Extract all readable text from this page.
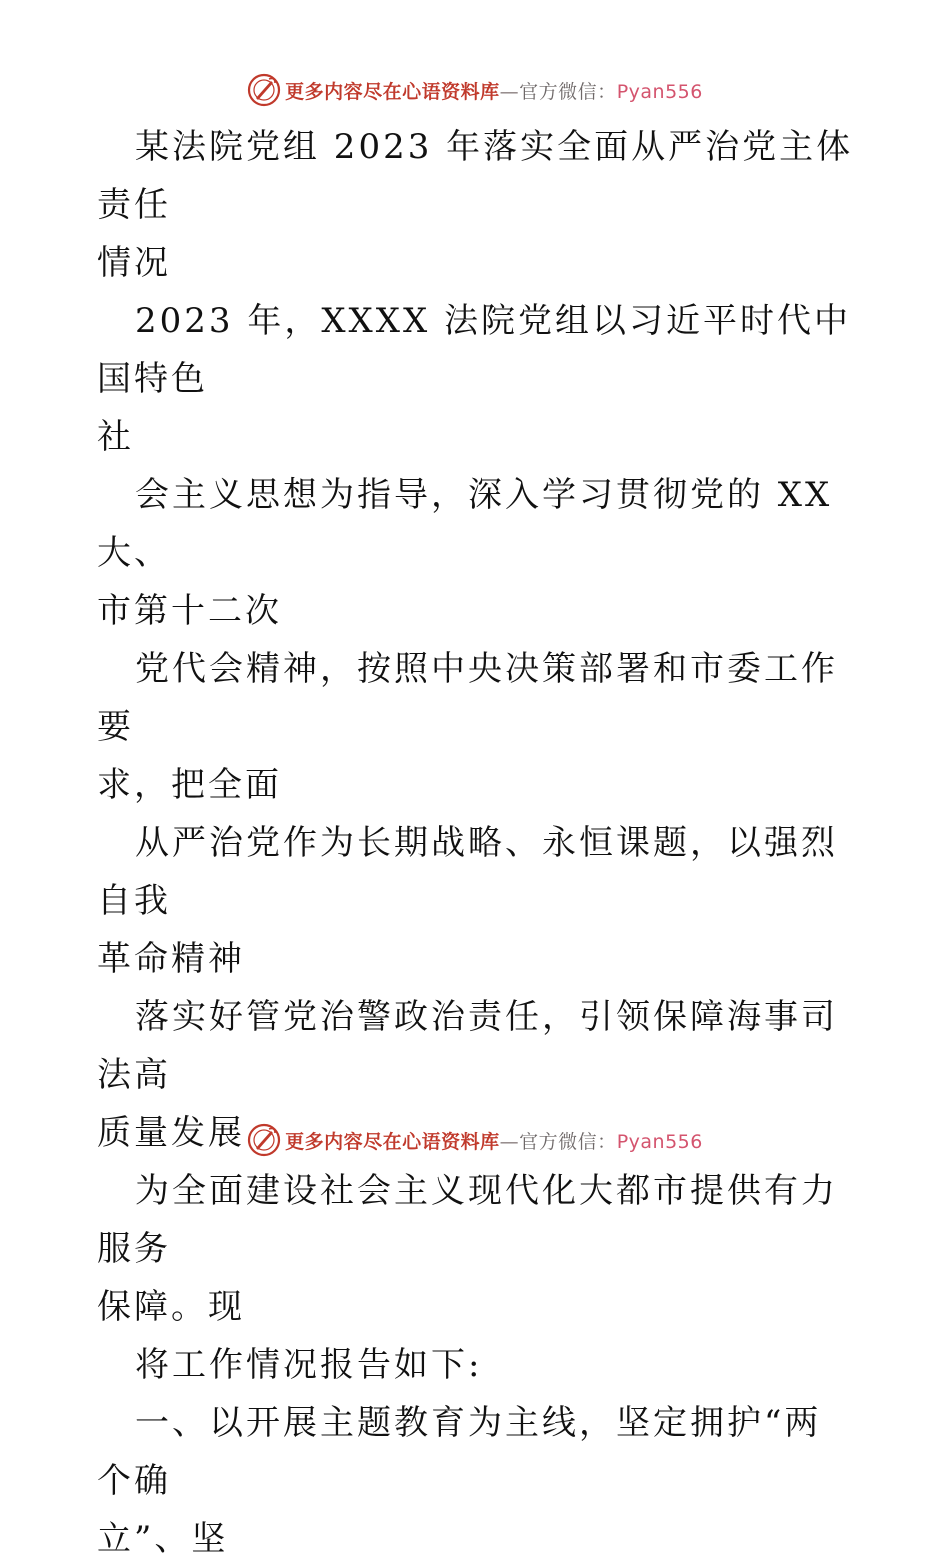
更多内容尽在心语资料库—官方微信：Pyan556

某法院党组 2023 年落实全面从严治党主体责任
情况

2023 年，XXXX 法院党组以习近平时代中国特色
社

会主义思想为指导，深入学习贯彻党的 XX 大、
市第十二次

党代会精神，按照中央决策部署和市委工作要
求，把全面

从严治党作为长期战略、永恒课题，以强烈自我
革命精神

落实好管党治警政治责任，引领保障海事司法高
质量发展

为全面建设社会主义现代化大都市提供有力服务
保障。现

将工作情况报告如下:

一、以开展主题教育为主线，坚定拥护“两个确
立”、坚

更多内容尽在心语资料库—官方微信：Pyan556
